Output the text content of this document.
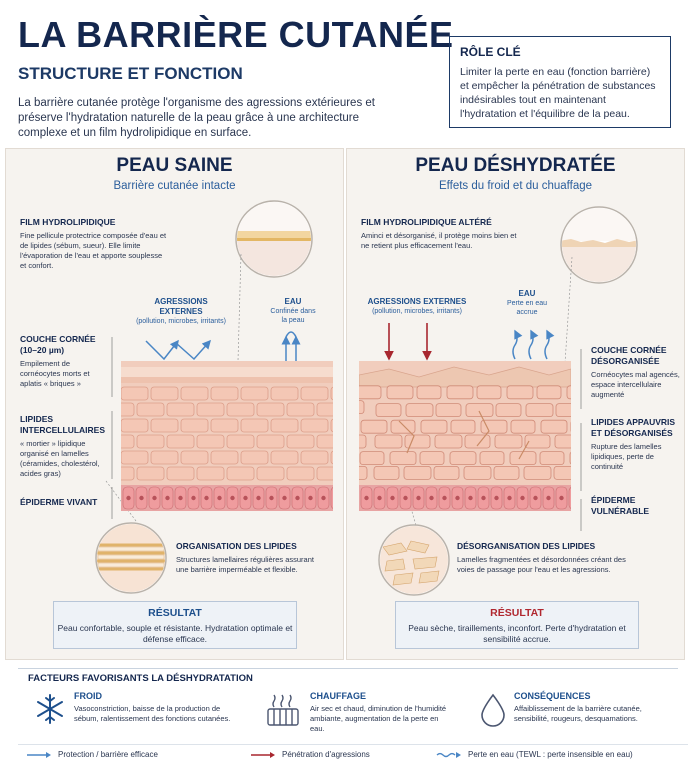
LA BARRIÈRE CUTANÉE
STRUCTURE ET FONCTION
La barrière cutanée protège l'organisme des agressions extérieures et préserve l'hydratation naturelle de la peau grâce à une architecture complexe et un film hydrolipidique en surface.
RÔLE CLÉ
Limiter la perte en eau (fonction barrière) et empêcher la pénétration de substances indésirables tout en maintenant l'hydratation et l'équilibre de la peau.
PEAU SAINE
Barrière cutanée intacte
FILM HYDROLIPIDIQUE
Fine pellicule protectrice composée d'eau et de lipides (sébum, sueur). Elle limite l'évaporation de l'eau et apporte souplesse et confort.
AGRESSIONS EXTERNES
(pollution, microbes, irritants)
EAU
Confinée dans la peau
COUCHE CORNÉE
(10–20 µm)
Empilement de cornéocytes morts et aplatis « briques »
LIPIDES INTERCELLULAIRES
« mortier » lipidique organisé en lamelles (céramides, cholestérol, acides gras)
ÉPIDERME VIVANT
ORGANISATION DES LIPIDES
Structures lamellaires régulières assurant une barrière imperméable et flexible.
RÉSULTAT
Peau confortable, souple et résistante. Hydratation optimale et défense efficace.
PEAU DÉSHYDRATÉE
Effets du froid et du chuaffage
FILM HYDROLIPIDIQUE ALTÉRÉ
Aminci et désorganisé, il protège moins bien et ne retient plus efficacement l'eau.
AGRESSIONS EXTERNES
(pollution, microbes, irritants)
EAU
Perte en eau accrue
COUCHE CORNÉE DÉSORGANISÉE
Cornéocytes mal agencés, espace intercellulaire augmenté
LIPIDES APPAUVRIS ET DÉSORGANISÉS
Rupture des lamelles lipidiques, perte de continuité
ÉPIDERME VULNÉRABLE
DÉSORGANISATION DES LIPIDES
Lamelles fragmentées et désordonnées créant des voies de passage pour l'eau et les agressions.
RÉSULTAT
Peau sèche, tiraillements, inconfort. Perte d'hydratation et sensibilité accrue.
FACTEURS FAVORISANTS LA DÉSHYDRATATION
FROID
Vasoconstriction, baisse de la production de sébum, ralentissement des fonctions cutanées.
CHAUFFAGE
Air sec et chaud, diminution de l'humidité ambiante, augmentation de la perte en eau.
CONSÉQUENCES
Affaiblissement de la barrière cutanée, sensibilité, rougeurs, desquamations.
Protection / barrière efficace	Pénétration d'agressions	Perte en eau (TEWL : perte insensible en eau)
